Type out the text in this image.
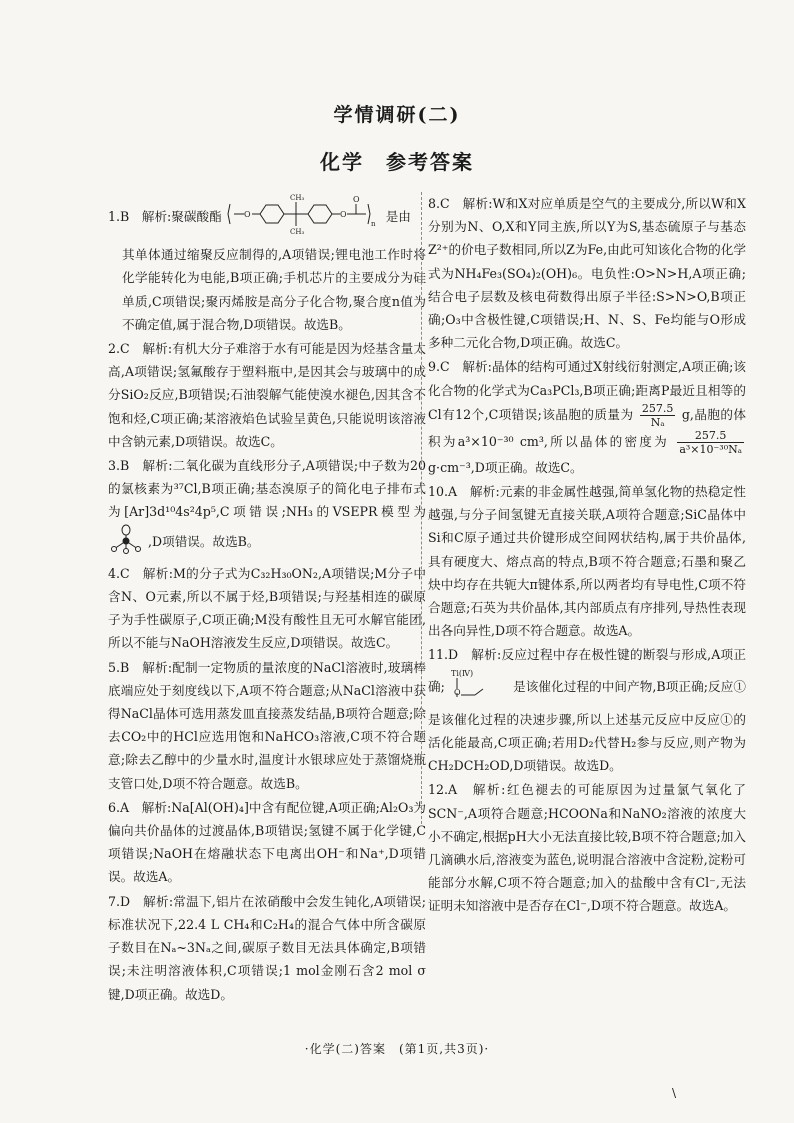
学情调研(二)
化学　参考答案
1.B　解析:聚碳酸酯	O
CH₃
CH₃
O
O
n 是由

其单体通过缩聚反应制得的,A项错误;锂电池工作时将化学能转化为电能,B项正确;手机芯片的主要成分为硅单质,C项错误;聚丙烯胺是高分子化合物,聚合度n值为不确定值,属于混合物,D项错误。故选B。

2.C　解析:有机大分子难溶于水有可能是因为烃基含量太高,A项错误;氢氟酸存于塑料瓶中,是因其会与玻璃中的成分SiO₂反应,B项错误;石油裂解气能使溴水褪色,因其含不饱和烃,C项正确;某溶液焰色试验呈黄色,只能说明该溶液中含钠元素,D项错误。故选C。

3.B　解析:二氧化碳为直线形分子,A项错误;中子数为20的氯核素为³⁷Cl,B项正确;基态溴原子的简化电子排布式为[Ar]3d¹⁰4s²4p⁵,C项错误;NH₃的VSEPR模型为  ,D项错误。故选B。

4.C　解析:M的分子式为C₃₂H₃₀ON₂,A项错误;M分子中含N、O元素,所以不属于烃,B项错误;与羟基相连的碳原子为手性碳原子,C项正确;M没有酸性且无可水解官能团,所以不能与NaOH溶液发生反应,D项错误。故选C。

5.B　解析:配制一定物质的量浓度的NaCl溶液时,玻璃棒底端应处于刻度线以下,A项不符合题意;从NaCl溶液中获得NaCl晶体可选用蒸发皿直接蒸发结晶,B项符合题意;除去CO₂中的HCl应选用饱和NaHCO₃溶液,C项不符合题意;除去乙醇中的少量水时,温度计水银球应处于蒸馏烧瓶支管口处,D项不符合题意。故选B。

6.A　解析:Na[Al(OH)₄]中含有配位键,A项正确;Al₂O₃为偏向共价晶体的过渡晶体,B项错误;氢键不属于化学键,C项错误;NaOH在熔融状态下电离出OH⁻和Na⁺,D项错误。故选A。

7.D　解析:常温下,铝片在浓硝酸中会发生钝化,A项错误;标准状况下,22.4 L CH₄和C₂H₄的混合气体中所含碳原子数目在Nₐ~3Nₐ之间,碳原子数目无法具体确定,B项错误;未注明溶液体积,C项错误;1 mol金刚石含2 mol σ键,D项正确。故选D。

8.C　解析:W和X对应单质是空气的主要成分,所以W和X分别为N、O,X和Y同主族,所以Y为S,基态硫原子与基态Z²⁺的价电子数相同,所以Z为Fe,由此可知该化合物的化学式为NH₄Fe₃(SO₄)₂(OH)₆。电负性:O>N>H,A项正确;结合电子层数及核电荷数得出原子半径:S>N>O,B项正确;O₃中含极性键,C项错误;H、N、S、Fe均能与O形成多种二元化合物,D项正确。故选C。

9.C　解析:晶体的结构可通过X射线衍射测定,A项正确;该化合物的化学式为Ca₃PCl₃,B项正确;距离P最近且相等的Cl有12个,C项错误;该晶胞的质量为 $\frac{257.5}{\text{Nₐ}} g$,晶胞的体积为a³×10⁻³⁰ cm³,所以晶体的密度为 $\frac{257.5}{\text{a³×10⁻³⁰Nₐ}}$
g·cm⁻³,D项正确。故选C。

10.A　解析:元素的非金属性越强,简单氢化物的热稳定性越强,与分子间氢键无直接关联,A项符合题意;SiC晶体中Si和C原子通过共价键形成空间网状结构,属于共价晶体,具有硬度大、熔点高的特点,B项不符合题意;石墨和聚乙炔中均存在共轭大π键体系,所以两者均有导电性,C项不符合题意;石英为共价晶体,其内部质点有序排列,导热性表现出各向异性,D项不符合题意。故选A。

11.D　解析:反应过程中存在极性键的断裂与形成,A项正确;
Ti(Ⅳ)
O	是该催化过程的中间产物,B项正确;反应①是该催化过程的决速步骤,所以上述基元反应中反应①的活化能最高,C项正确;若用D₂代替H₂参与反应,则产物为CH₂DCH₂OD,D项错误。故选D。

12.A　解析:红色褪去的可能原因为过量氯气氧化了SCN⁻,A项符合题意;HCOONa和NaNO₂溶液的浓度大小不确定,根据pH大小无法直接比较,B项不符合题意;加入几滴碘水后,溶液变为蓝色,说明混合溶液中含淀粉,淀粉可能部分水解,C项不符合题意;加入的盐酸中含有Cl⁻,无法证明未知溶液中是否存在Cl⁻,D项不符合题意。故选A。

·化学(二)答案　(第1页,共3页)·
\
